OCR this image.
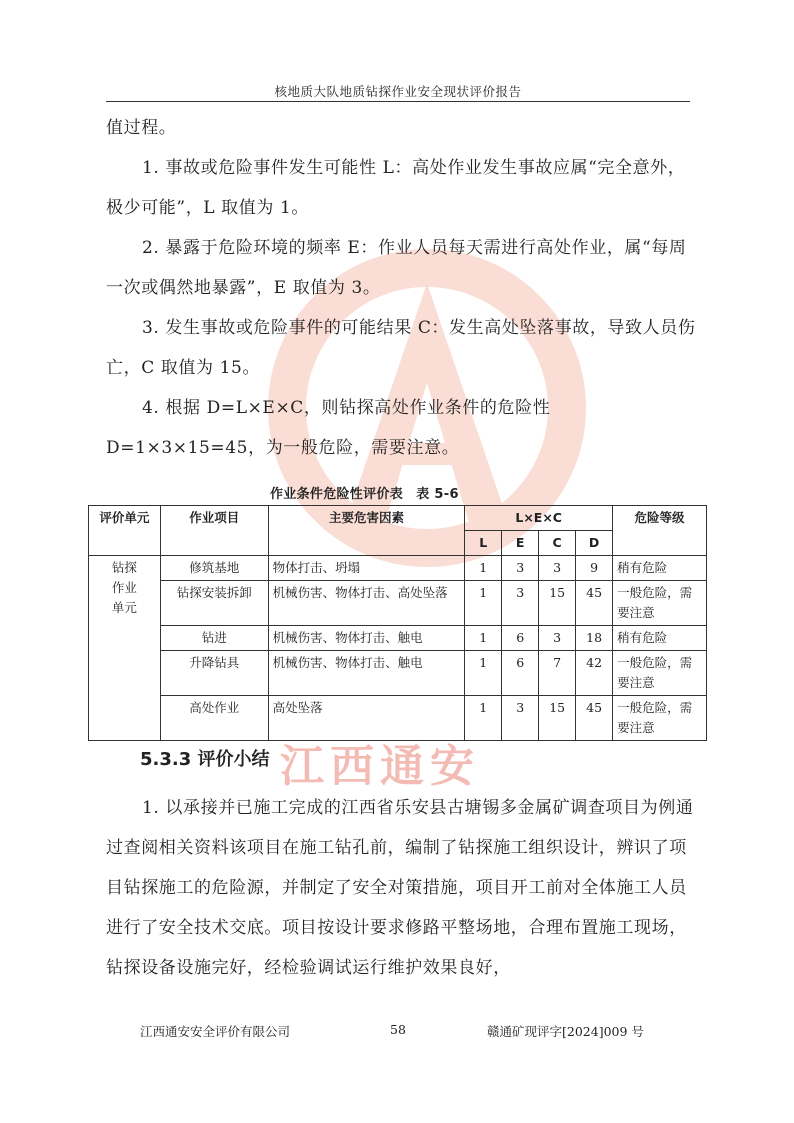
江西通安
核地质大队地质钻探作业安全现状评价报告

值过程。

1. 事故或危险事件发生可能性 L：高处作业发生事故应属“完全意外，极少可能”，L 取值为 1。

2. 暴露于危险环境的频率 E：作业人员每天需进行高处作业，属“每周一次或偶然地暴露”，E 取值为 3。

3. 发生事故或危险事件的可能结果 C：发生高处坠落事故，导致人员伤亡，C 取值为 15。

4. 根据 D=L×E×C，则钻探高处作业条件的危险性 D=1×3×15=45，为一般危险，需要注意。

作业条件危险性评价表　表 5-6
评价单元	作业项目	主要危害因素	L×E×C				危险等级
			L	E	C	D	
钻探
作业
单元	修筑基地	物体打击、坍塌	1	3	3	9	稍有危险
	钻探安装拆卸	机械伤害、物体打击、高处坠落	1	3	15	45	一般危险，需要注意
	钻进	机械伤害、物体打击、触电	1	6	3	18	稍有危险
	升降钻具	机械伤害、物体打击、触电	1	6	7	42	一般危险，需要注意
	高处作业	高处坠落	1	3	15	45	一般危险，需要注意
5.3.3 评价小结

1. 以承接并已施工完成的江西省乐安县古塘锡多金属矿调查项目为例通过查阅相关资料该项目在施工钻孔前，编制了钻探施工组织设计，辨识了项目钻探施工的危险源，并制定了安全对策措施，项目开工前对全体施工人员进行了安全技术交底。项目按设计要求修路平整场地，合理布置施工现场，钻探设备设施完好，经检验调试运行维护效果良好，

江西通安安全评价有限公司	58	赣通矿现评字[2024]009 号
